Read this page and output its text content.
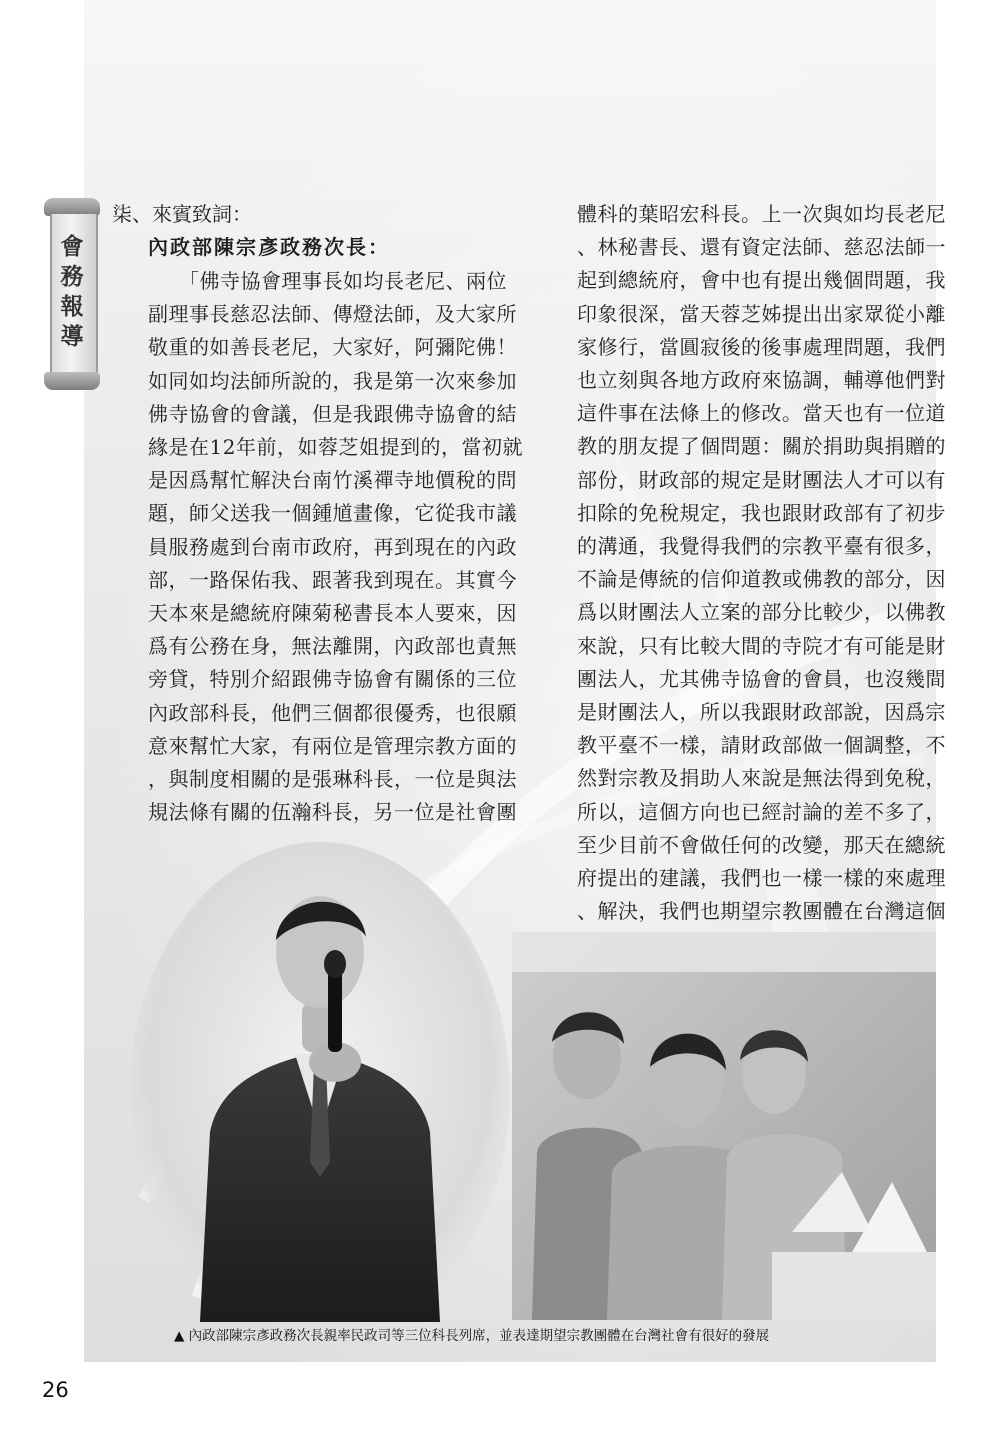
會
務
報
導
柒、來賓致詞：
內政部陳宗彥政務次長：

　　「佛寺協會理事長如均長老尼、兩位

副理事長慈忍法師、傳燈法師，及大家所

敬重的如善長老尼，大家好，阿彌陀佛！

如同如均法師所說的，我是第一次來參加

佛寺協會的會議，但是我跟佛寺協會的結

緣是在12年前，如蓉芝姐提到的，當初就

是因爲幫忙解決台南竹溪禪寺地價稅的問

題，師父送我一個鍾馗畫像，它從我市議

員服務處到台南市政府，再到現在的內政

部，一路保佑我、跟著我到現在。其實今

天本來是總統府陳菊秘書長本人要來，因

爲有公務在身，無法離開，內政部也責無

旁貸，特別介紹跟佛寺協會有關係的三位

內政部科長，他們三個都很優秀，也很願

意來幫忙大家，有兩位是管理宗教方面的

，與制度相關的是張琳科長，一位是與法

規法條有關的伍瀚科長，另一位是社會團

體科的葉昭宏科長。上一次與如均長老尼

、林秘書長、還有資定法師、慈忍法師一

起到總統府，會中也有提出幾個問題，我

印象很深，當天蓉芝姊提出出家眾從小離

家修行，當圓寂後的後事處理問題，我們

也立刻與各地方政府來協調，輔導他們對

這件事在法條上的修改。當天也有一位道

教的朋友提了個問題：關於捐助與捐贈的

部份，財政部的規定是財團法人才可以有

扣除的免稅規定，我也跟財政部有了初步

的溝通，我覺得我們的宗教平臺有很多，

不論是傳統的信仰道教或佛教的部分，因

爲以財團法人立案的部分比較少，以佛教

來說，只有比較大間的寺院才有可能是財

團法人，尤其佛寺協會的會員，也沒幾間

是財團法人，所以我跟財政部說，因爲宗

教平臺不一樣，請財政部做一個調整，不

然對宗教及捐助人來說是無法得到免稅，

所以，這個方向也已經討論的差不多了，

至少目前不會做任何的改變，那天在總統

府提出的建議，我們也一樣一樣的來處理

、解決，我們也期望宗教團體在台灣這個

▲ 內政部陳宗彥政務次長親率民政司等三位科長列席，並表達期望宗教團體在台灣社會有很好的發展
26
